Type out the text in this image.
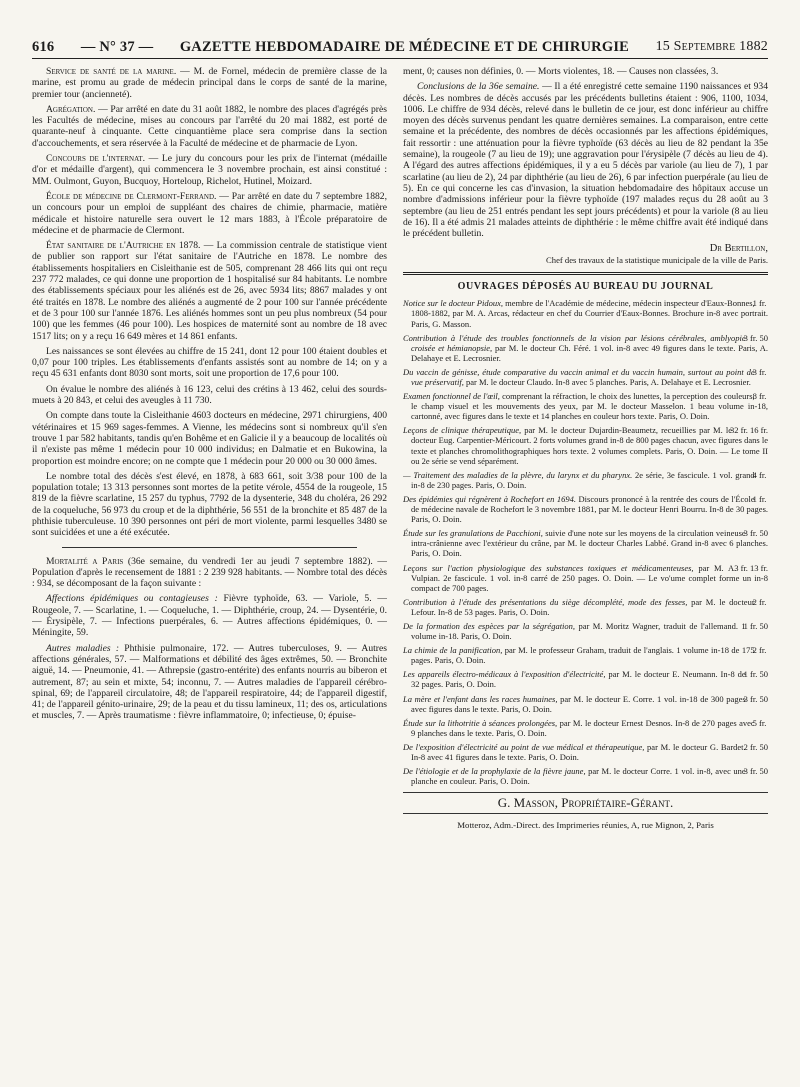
616 — N° 37 — GAZETTE HEBDOMADAIRE DE MÉDECINE ET DE CHIRURGIE 15 Septembre 1882

Service de santé de la marine. — M. de Fornel, médecin de première classe de la marine, est promu au grade de médecin principal dans le corps de santé de la marine, premier tour (ancienneté).

Agrégation. — Par arrêté en date du 31 août 1882, le nombre des places d'agrégés près les Facultés de médecine, mises au concours par l'arrêté du 20 mai 1882, est porté de quarante-neuf à cinquante. Cette cinquantième place sera comprise dans la section d'accouchements, et sera réservée à la Faculté de médecine et de pharmacie de Lyon.

Concours de l'internat. — Le jury du concours pour les prix de l'internat (médaille d'or et médaille d'argent), qui commencera le 3 novembre prochain, est ainsi constitué : MM. Oulmont, Guyon, Bucquoy, Horteloup, Richelot, Hutinel, Moizard.

École de médecine de Clermont-Ferrand. — Par arrêté en date du 7 septembre 1882, un concours pour un emploi de suppléant des chaires de chimie, pharmacie, matière médicale et histoire naturelle sera ouvert le 12 mars 1883, à l'École préparatoire de médecine et de pharmacie de Clermont.

État sanitaire de l'Autriche en 1878. — La commission centrale de statistique vient de publier son rapport sur l'état sanitaire de l'Autriche en 1878. Le nombre des établissements hospitaliers en Cisleithanie est de 505, comprenant 28 466 lits qui ont reçu 237 772 malades, ce qui donne une proportion de 1 hospitalisé sur 84 habitants. Le nombre des établissements spéciaux pour les aliénés est de 26, avec 5934 lits; 8867 malades y ont été traités en 1878. Le nombre des aliénés a augmenté de 2 pour 100 sur l'année précédente et de 3 pour 100 sur l'année 1876. Les aliénés hommes sont un peu plus nombreux (54 pour 100) que les femmes (46 pour 100). Les hospices de maternité sont au nombre de 18 avec 1517 lits; on y a reçu 16 649 mères et 14 861 enfants.

Les naissances se sont élevées au chiffre de 15 241, dont 12 pour 100 étaient doubles et 0,07 pour 100 triples. Les établissements d'enfants assistés sont au nombre de 14; on y a reçu 45 631 enfants dont 8030 sont morts, soit une proportion de 17,6 pour 100.

On évalue le nombre des aliénés à 16 123, celui des crétins à 13 462, celui des sourds-muets à 20 843, et celui des aveugles à 11 730.

On compte dans toute la Cisleithanie 4603 docteurs en médecine, 2971 chirurgiens, 400 vétérinaires et 15 969 sages-femmes. A Vienne, les médecins sont si nombreux qu'il s'en trouve 1 par 582 habitants, tandis qu'en Bohême et en Galicie il y a beaucoup de localités où il n'existe pas même 1 médecin pour 10 000 individus; en Dalmatie et en Bukowina, la proportion est moindre encore; on ne compte que 1 médecin pour 20 000 ou 30 000 âmes.

Le nombre total des décès s'est élevé, en 1878, à 683 661, soit 3/38 pour 100 de la population totale; 13 313 personnes sont mortes de la petite vérole, 4554 de la rougeole, 15 819 de la fièvre scarlatine, 15 257 du typhus, 7792 de la dysenterie, 348 du choléra, 26 292 de la coqueluche, 56 973 du croup et de la diphthérie, 56 551 de la bronchite et 85 487 de la phthisie tuberculeuse. 10 390 personnes ont péri de mort violente, parmi lesquelles 3480 se sont suicidées et une a été exécutée.

Mortalité a Paris (36e semaine, du vendredi 1er au jeudi 7 septembre 1882). — Population d'après le recensement de 1881 : 2 239 928 habitants. — Nombre total des décès : 934, se décomposant de la façon suivante :

Affections épidémiques ou contagieuses : Fièvre typhoïde, 63. — Variole, 5. — Rougeole, 7. — Scarlatine, 1. — Coqueluche, 1. — Diphthérie, croup, 24. — Dysentérie, 0. — Érysipèle, 7. — Infections puerpérales, 6. — Autres affections épidémiques, 0. — Méningite, 59.

Autres maladies : Phthisie pulmonaire, 172. — Autres tuberculoses, 9. — Autres affections générales, 57. — Malformations et débilité des âges extrêmes, 50. — Bronchite aiguë, 14. — Pneumonie, 41. — Athrepsie (gastro-entérite) des enfants nourris au biberon et autrement, 87; au sein et mixte, 54; inconnu, 7. — Autres maladies de l'appareil cérébro-spinal, 69; de l'appareil circulatoire, 48; de l'appareil respiratoire, 44; de l'appareil digestif, 41; de l'appareil génito-urinaire, 29; de la peau et du tissu lamineux, 11; des os, articulations et muscles, 7. — Après traumatisme : fièvre inflammatoire, 0; infectieuse, 0; épuise-

ment, 0; causes non définies, 0. — Morts violentes, 18. — Causes non classées, 3.

Conclusions de la 36e semaine. — Il a été enregistré cette semaine 1190 naissances et 934 décès. Les nombres de décès accusés par les précédents bulletins étaient : 906, 1100, 1034, 1006. Le chiffre de 934 décès, relevé dans le bulletin de ce jour, est donc inférieur au chiffre moyen des décès survenus pendant les quatre dernières semaines. La comparaison, entre cette semaine et la précédente, des nombres de décès occasionnés par les affections épidémiques, fait ressortir : une atténuation pour la fièvre typhoïde (63 décès au lieu de 82 pendant la 35e semaine), la rougeole (7 au lieu de 19); une aggravation pour l'érysipèle (7 décès au lieu de 4). A l'égard des autres affections épidémiques, il y a eu 5 décès par variole (au lieu de 7), 1 par scarlatine (au lieu de 2), 24 par diphthérie (au lieu de 26), 6 par infection puerpérale (au lieu de 5). En ce qui concerne les cas d'invasion, la situation hebdomadaire des hôpitaux accuse un nombre d'admissions inférieur pour la fièvre typhoïde (197 malades reçus du 28 août au 3 septembre (au lieu de 251 entrés pendant les sept jours précédents) et pour la variole (8 au lieu de 16). Il a été admis 21 malades atteints de diphthérie : le même chiffre avait été indiqué dans le précédent bulletin.

Dr Bertillon,
Chef des travaux de la statistique municipale de la ville de Paris.
OUVRAGES DÉPOSÉS AU BUREAU DU JOURNAL
1 fr.
Notice sur le docteur Pidoux, membre de l'Académie de médecine, médecin inspecteur d'Eaux-Bonnes, 1808-1882, par M. A. Arcas, rédacteur en chef du Courrier d'Eaux-Bonnes. Brochure in-8 avec portrait. Paris, G. Masson.
3 fr. 50
Contribution à l'étude des troubles fonctionnels de la vision par lésions cérébrales, amblyopie croisée et hémianopsie, par M. le docteur Ch. Féré. 1 vol. in-8 avec 49 figures dans le texte. Paris, A. Delahaye et E. Lecrosnier.
3 fr.
Du vaccin de génisse, étude comparative du vaccin animal et du vaccin humain, surtout au point de vue préservatif, par M. le docteur Claudo. In-8 avec 5 planches. Paris, A. Delahaye et E. Lecrosnier.
8 fr.
Examen fonctionnel de l'œil, comprenant la réfraction, le choix des lunettes, la perception des couleurs, le champ visuel et les mouvements des yeux, par M. le docteur Masselon. 1 beau volume in-18, cartonné, avec figures dans le texte et 14 planches en couleur hors texte. Paris, O. Doin.
32 fr. 16 fr.
Leçons de clinique thérapeutique, par M. le docteur Dujardin-Beaumetz, recueillies par M. le docteur Eug. Carpentier-Méricourt. 2 forts volumes grand in-8 de 800 pages chacun, avec figures dans le texte et planches chromolithographiques hors texte. 2 volumes complets. Paris, O. Doin. — Le tome II ou 2e série se vend séparément.
4 fr.
— Traitement des maladies de la plèvre, du larynx et du pharynx. 2e série, 3e fascicule. 1 vol. grand in-8 de 230 pages. Paris, O. Doin.
1 fr.
Des épidémies qui régnèrent à Rochefort en 1694. Discours prononcé à la rentrée des cours de l'École de médecine navale de Rochefort le 3 novembre 1881, par M. le docteur Henri Bourru. In-8 de 30 pages. Paris, O. Doin.
3 fr. 50
Étude sur les granulations de Pacchioni, suivie d'une note sur les moyens de la circulation veineuse intra-crânienne avec l'extérieur du crâne, par M. le docteur Charles Labbé. Grand in-8 avec 6 planches. Paris, O. Doin.
3 fr. 13 fr.
Leçons sur l'action physiologique des substances toxiques et médicamenteuses, par M. A. Vulpian. 2e fascicule. 1 vol. in-8 carré de 250 pages. O. Doin. — Le vo'ume complet forme un in-8 compact de 700 pages.
2 fr.
Contribution à l'étude des présentations du siège décomplété, mode des fesses, par M. le docteur Lefour. In-8 de 53 pages. Paris, O. Doin.
1 fr. 50
De la formation des espèces par la ségrégation, par M. Moritz Wagner, traduit de l'allemand. 1 volume in-18. Paris, O. Doin.
2 fr.
La chimie de la panification, par M. le professeur Graham, traduit de l'anglais. 1 volume in-18 de 175 pages. Paris, O. Doin.
1 fr. 50
Les appareils électro-médicaux à l'exposition d'électricité, par M. le docteur E. Neumann. In-8 de 32 pages. Paris, O. Doin.
3 fr. 50
La mère et l'enfant dans les races humaines, par M. le docteur E. Corre. 1 vol. in-18 de 300 pages avec figures dans le texte. Paris, O. Doin.
5 fr.
Étude sur la lithotritie à séances prolongées, par M. le docteur Ernest Desnos. In-8 de 270 pages avec 9 planches dans le texte. Paris, O. Doin.
2 fr. 50
De l'exposition d'électricité au point de vue médical et thérapeutique, par M. le docteur G. Bardet. In-8 avec 41 figures dans le texte. Paris, O. Doin.
3 fr. 50
De l'étiologie et de la prophylaxie de la fièvre jaune, par M. le docteur Corre. 1 vol. in-8, avec une planche en couleur. Paris, O. Doin.
G. Masson, Propriétaire-Gérant.
Motteroz, Adm.-Direct. des Imprimeries réunies, A, rue Mignon, 2, Paris
